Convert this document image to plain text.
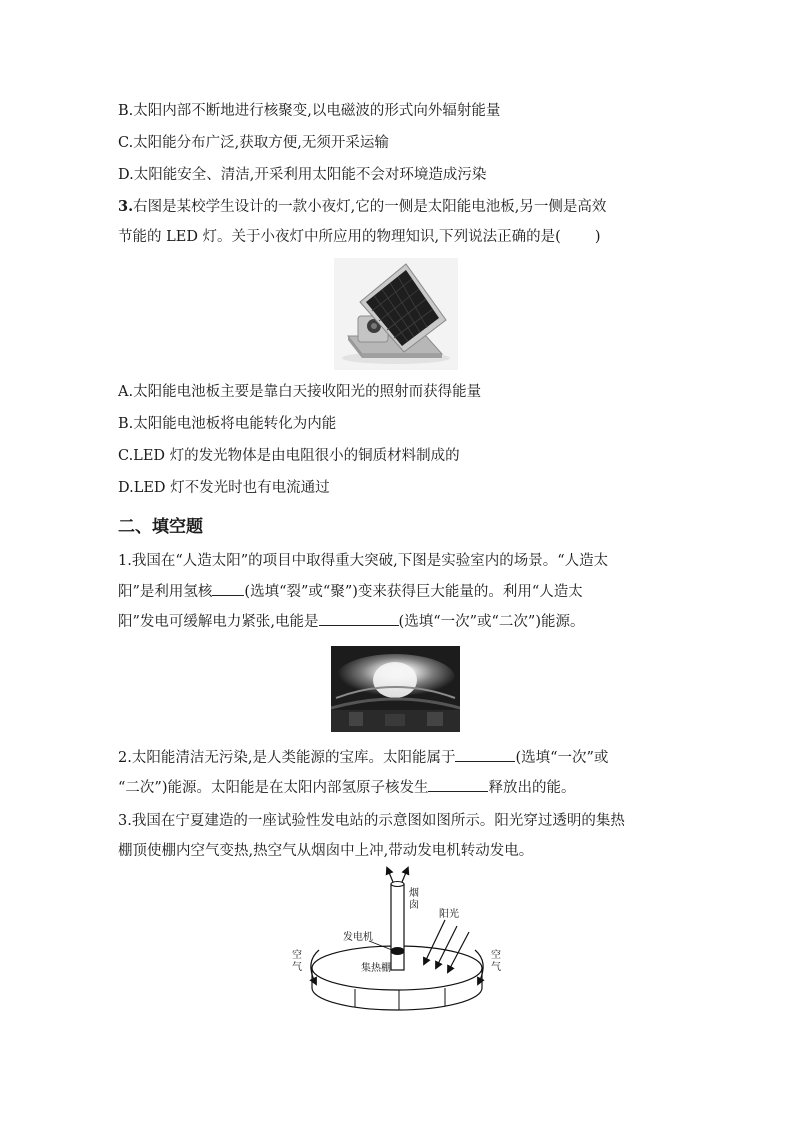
B.太阳内部不断地进行核聚变,以电磁波的形式向外辐射能量
C.太阳能分布广泛,获取方便,无须开采运输
D.太阳能安全、清洁,开采利用太阳能不会对环境造成污染
3.右图是某校学生设计的一款小夜灯,它的一侧是太阳能电池板,另一侧是高效
节能的 LED 灯。关于小夜灯中所应用的物理知识,下列说法正确的是( )
A.太阳能电池板主要是靠白天接收阳光的照射而获得能量
B.太阳能电池板将电能转化为内能
C.LED 灯的发光物体是由电阻很小的铜质材料制成的
D.LED 灯不发光时也有电流通过
二、填空题
1.我国在“人造太阳”的项目中取得重大突破,下图是实验室内的场景。“人造太
阳”是利用氢核 (选填“裂”或“聚”)变来获得巨大能量的。利用“人造太
阳”发电可缓解电力紧张,电能是	(选填“一次”或“二次”)能源。
2.太阳能清洁无污染,是人类能源的宝库。太阳能属于	(选填“一次”或
“二次”)能源。太阳能是在太阳内部氢原子核发生	释放出的能。
3.我国在宁夏建造的一座试验性发电站的示意图如图所示。阳光穿过透明的集热
棚顶使棚内空气变热,热空气从烟囱中上冲,带动发电机转动发电。
烟
囱
阳光
发电机
集热棚
空
气
空
气
